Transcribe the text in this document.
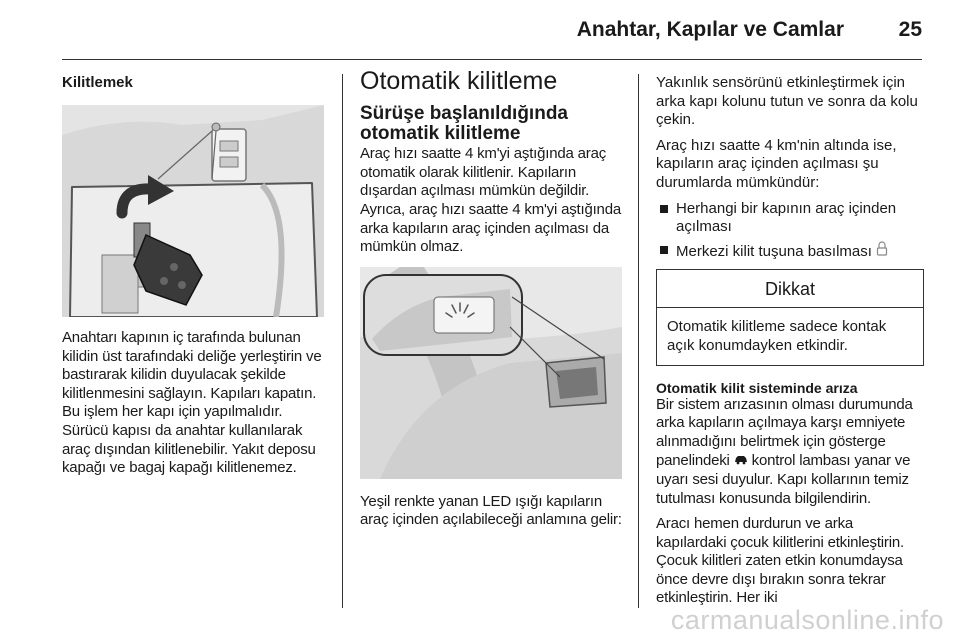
Anahtar, Kapılar ve Camlar	25
Kilitlemek
Anahtarı kapının iç tarafında bulunan kilidin üst tarafındaki deliğe yerleştirin ve bastırarak kilidin duyulacak şekilde kilitlenmesini sağlayın. Kapıları kapatın. Bu işlem her kapı için yapılmalıdır. Sürücü kapısı da anahtar kullanılarak araç dışından kilitlenebilir. Yakıt deposu kapağı ve bagaj kapağı kilitlenemez.
Otomatik kilitleme
Sürüşe başlanıldığında otomatik kilitleme
Araç hızı saatte 4 km'yi aştığında araç otomatik olarak kilitlenir. Kapıların dışardan açılması mümkün değildir. Ayrıca, araç hızı saatte 4 km'yi aştığında arka kapıların araç içinden açılması da mümkün olmaz.
Yeşil renkte yanan LED ışığı kapıların araç içinden açılabileceği anlamına gelir:
Yakınlık sensörünü etkinleştirmek için arka kapı kolunu tutun ve sonra da kolu çekin.
Araç hızı saatte 4 km'nin altında ise, kapıların araç içinden açılması şu durumlarda mümkündür:
Herhangi bir kapının araç içinden açılması
Merkezi kilit tuşuna basılması
Dikkat
Otomatik kilitleme sadece kontak açık konumdayken etkindir.
Otomatik kilit sisteminde arıza
Bir sistem arızasının olması durumunda arka kapıların açılmaya karşı emniyete alınmadığını belirtmek için gösterge panelindeki kontrol lambası yanar ve uyarı sesi duyulur. Kapı kollarının temiz tutulması konusunda bilgilendirin.
Aracı hemen durdurun ve arka kapılardaki çocuk kilitlerini etkinleştirin. Çocuk kilitleri zaten etkin konumdaysa önce devre dışı bırakın sonra tekrar etkinleştirin. Her iki
carmanualsonline.info
